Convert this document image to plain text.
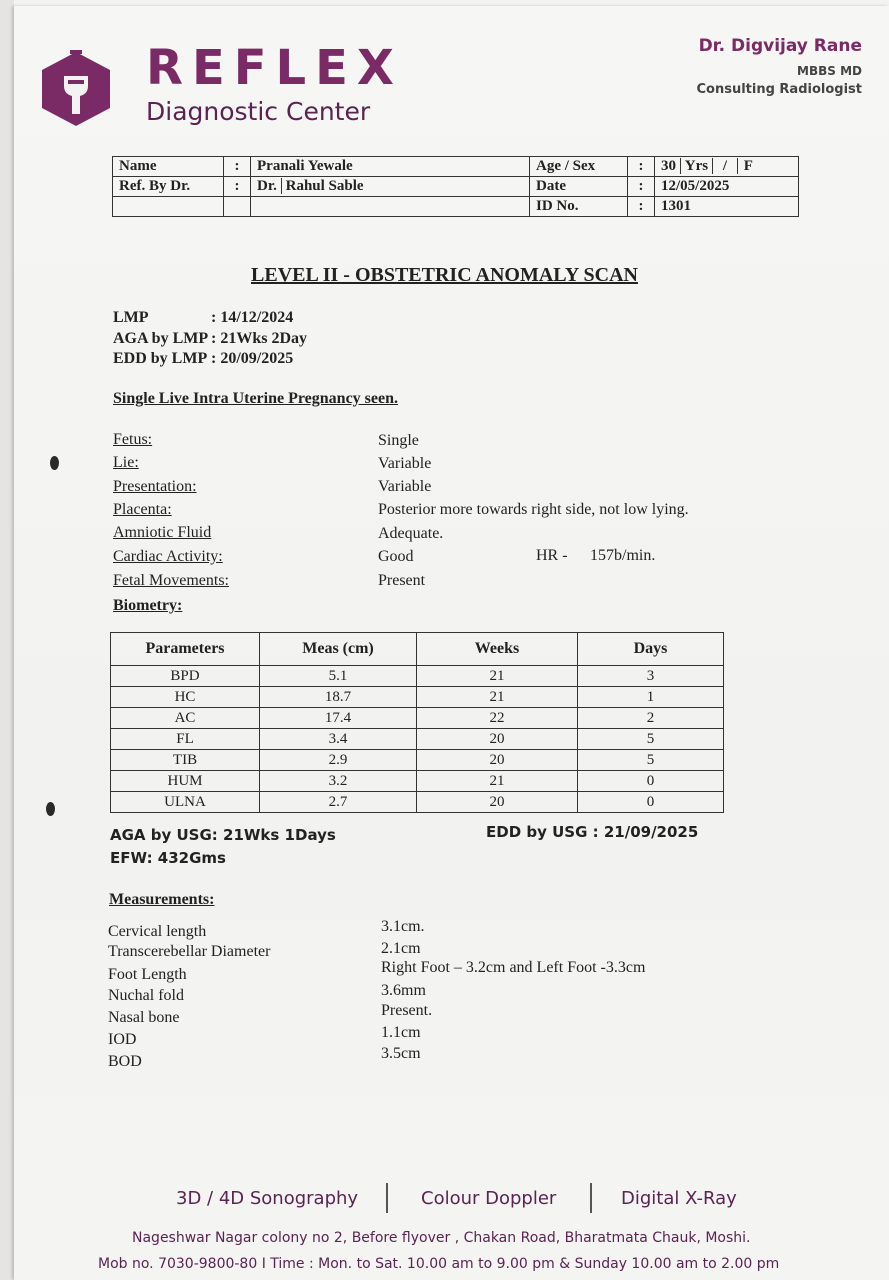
REFLEX
Diagnostic Center
Dr. Digvijay Rane
MBBS MD
Consulting Radiologist
Name	:	Pranali Yewale	Age / Sex	:	30 Yrs / F
Ref. By Dr.	:	Dr. Rahul Sable	Date	:	12/05/2025
			ID No.	:	1301
LEVEL II - OBSTETRIC ANOMALY SCAN
LMP	: 14/12/2024
AGA by LMP : 21Wks 2Day
EDD by LMP : 20/09/2025
Single Live Intra Uterine Pregnancy seen.
Fetus:	Single
Lie:	Variable
Presentation:	Variable
Placenta:	Posterior more towards right side, not low lying.
Amniotic Fluid	Adequate.
Cardiac Activity:	Good	HR - 157b/min.
Fetal Movements:	Present
Biometry:
Parameters	Meas (cm)	Weeks	Days
BPD	5.1	21	3
HC	18.7	21	1
AC	17.4	22	2
FL	3.4	20	5
TIB	2.9	20	5
HUM	3.2	21	0
ULNA	2.7	20	0
AGA by USG: 21Wks 1Days
EFW: 432Gms
EDD by USG : 21/09/2025
Measurements:
Cervical length	3.1cm.
Transcerebellar Diameter	2.1cm
Foot Length	Right Foot – 3.2cm and Left Foot -3.3cm
Nuchal fold	3.6mm
Nasal bone	Present.
IOD	1.1cm
BOD	3.5cm
3D / 4D Sonography	Colour Doppler	Digital X-Ray
Nageshwar Nagar colony no 2, Before flyover , Chakan Road, Bharatmata Chauk, Moshi.
Mob no. 7030-9800-80 I Time : Mon. to Sat. 10.00 am to 9.00 pm & Sunday 10.00 am to 2.00 pm
